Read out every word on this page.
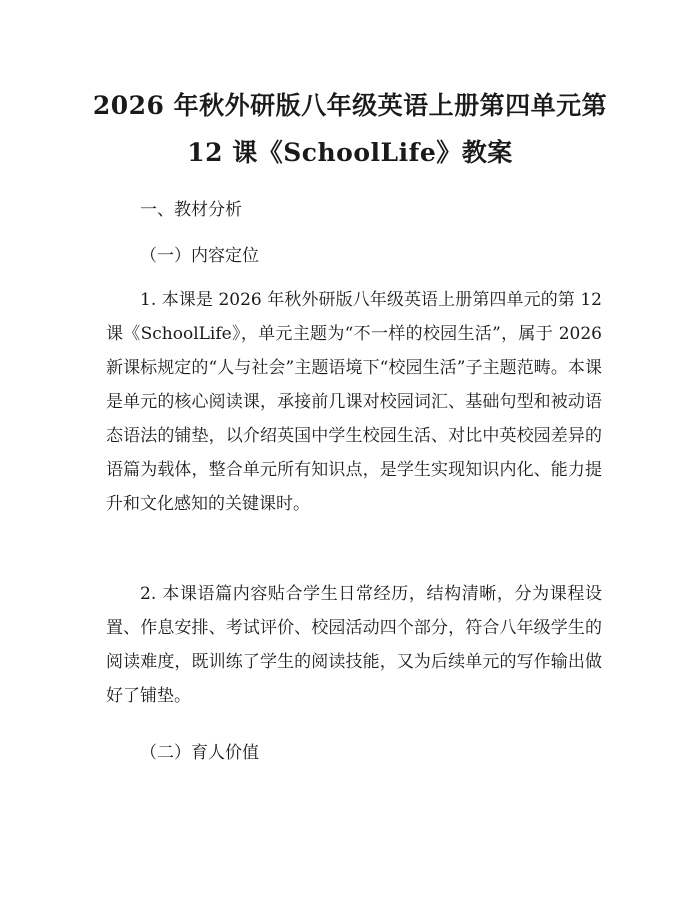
2026 年秋外研版八年级英语上册第四单元第
12 课《SchoolLife》教案

一、教材分析

（一）内容定位

1. 本课是 2026 年秋外研版八年级英语上册第四单元的第 12 课《SchoolLife》，单元主题为“不一样的校园生活”，属于 2026 新课标规定的“人与社会”主题语境下“校园生活”子主题范畴。本课是单元的核心阅读课，承接前几课对校园词汇、基础句型和被动语态语法的铺垫，以介绍英国中学生校园生活、对比中英校园差异的语篇为载体，整合单元所有知识点，是学生实现知识内化、能力提升和文化感知的关键课时。

2. 本课语篇内容贴合学生日常经历，结构清晰，分为课程设置、作息安排、考试评价、校园活动四个部分，符合八年级学生的阅读难度，既训练了学生的阅读技能，又为后续单元的写作输出做好了铺垫。

（二）育人价值
